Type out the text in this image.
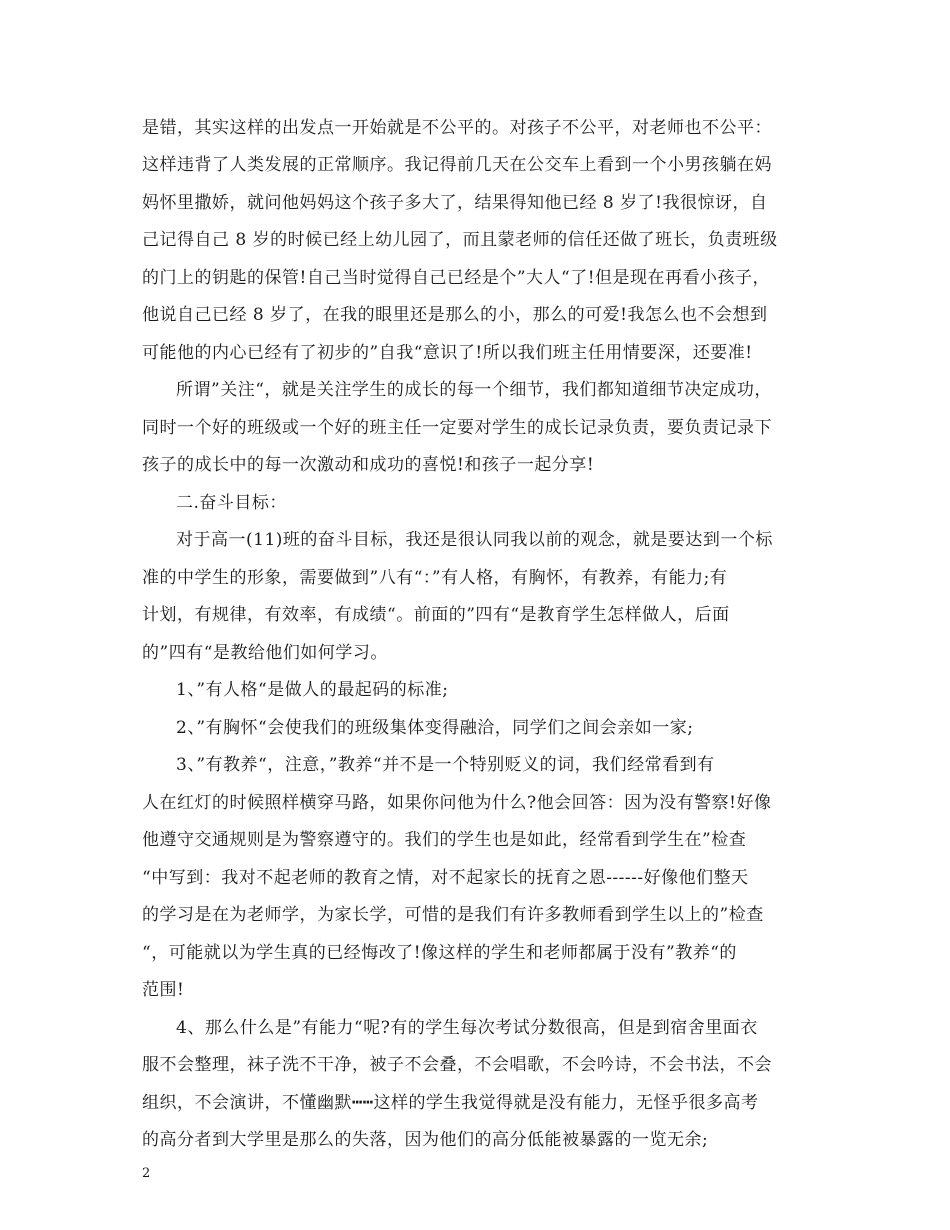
是错，其实这样的出发点一开始就是不公平的。对孩子不公平，对老师也不公平：
这样违背了人类发展的正常顺序。我记得前几天在公交车上看到一个小男孩躺在妈
妈怀里撒娇，就问他妈妈这个孩子多大了，结果得知他已经 8 岁了!我很惊讶，自
己记得自己 8 岁的时候已经上幼儿园了，而且蒙老师的信任还做了班长，负责班级
的门上的钥匙的保管!自己当时觉得自己已经是个”大人“了!但是现在再看小孩子，
他说自己已经 8 岁了，在我的眼里还是那么的小，那么的可爱!我怎么也不会想到
可能他的内心已经有了初步的”自我“意识了!所以我们班主任用情要深，还要准!
所谓”关注“，就是关注学生的成长的每一个细节，我们都知道细节决定成功，
同时一个好的班级或一个好的班主任一定要对学生的成长记录负责，要负责记录下
孩子的成长中的每一次激动和成功的喜悦!和孩子一起分享!
二.奋斗目标：
对于高一(11)班的奋斗目标，我还是很认同我以前的观念，就是要达到一个标
准的中学生的形象，需要做到”八有“：”有人格，有胸怀，有教养，有能力;有
计划，有规律，有效率，有成绩“。前面的”四有“是教育学生怎样做人，后面
的”四有“是教给他们如何学习。
1、”有人格“是做人的最起码的标准;
2、”有胸怀“会使我们的班级集体变得融洽，同学们之间会亲如一家;
3、”有教养“，注意，”教养“并不是一个特别贬义的词，我们经常看到有
人在红灯的时候照样横穿马路，如果你问他为什么?他会回答：因为没有警察!好像
他遵守交通规则是为警察遵守的。我们的学生也是如此，经常看到学生在”检查
“中写到：我对不起老师的教育之情，对不起家长的抚育之恩------好像他们整天
的学习是在为老师学，为家长学，可惜的是我们有许多教师看到学生以上的”检查
“，可能就以为学生真的已经悔改了!像这样的学生和老师都属于没有”教养“的
范围!
4、那么什么是”有能力“呢?有的学生每次考试分数很高，但是到宿舍里面衣
服不会整理，袜子洗不干净，被子不会叠，不会唱歌，不会吟诗，不会书法，不会
组织，不会演讲，不懂幽默┅┅这样的学生我觉得就是没有能力，无怪乎很多高考
的高分者到大学里是那么的失落，因为他们的高分低能被暴露的一览无余;
2
